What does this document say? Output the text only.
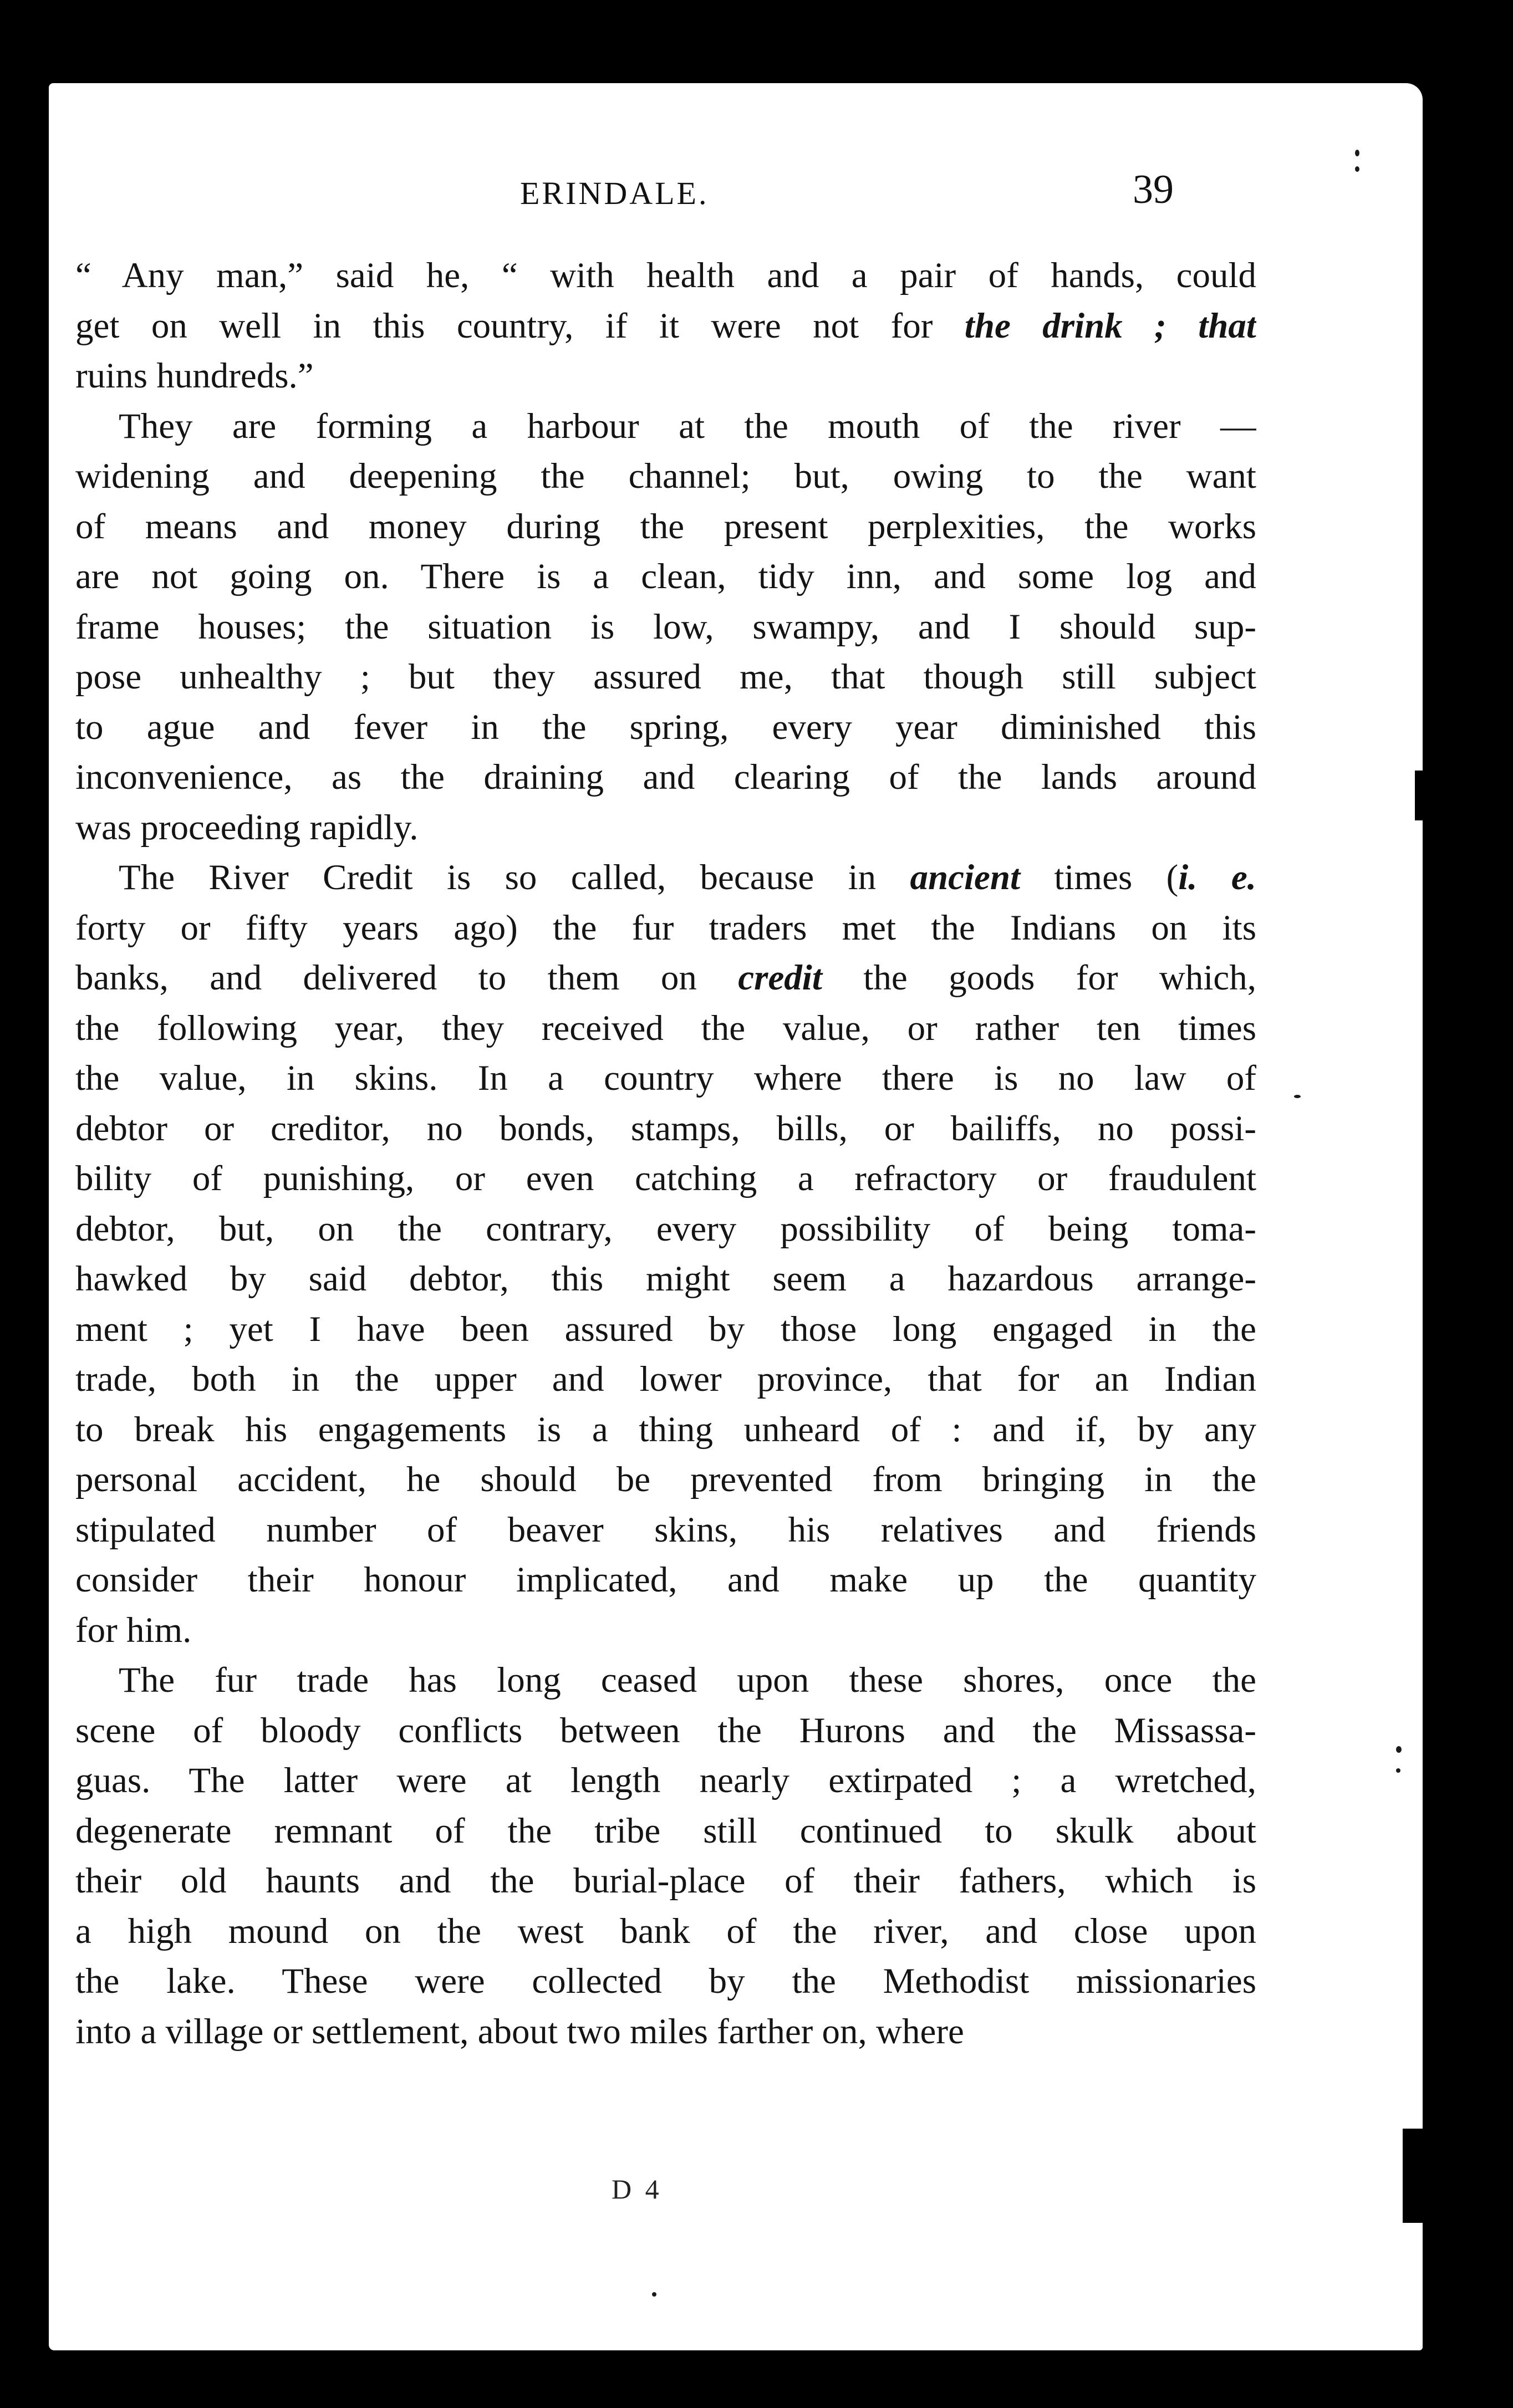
ERINDALE.	39
“ Any man,” said he, “ with health and a pair of hands, could
get on well in this country, if it were not for the drink ; that
ruins hundreds.”
They are forming a harbour at the mouth of the river —
widening and deepening the channel; but, owing to the want
of means and money during the present perplexities, the works
are not going on. There is a clean, tidy inn, and some log and
frame houses; the situation is low, swampy, and I should sup-
pose unhealthy ; but they assured me, that though still subject
to ague and fever in the spring, every year diminished this
inconvenience, as the draining and clearing of the lands around
was proceeding rapidly.
The River Credit is so called, because in ancient times (i. e.
forty or fifty years ago) the fur traders met the Indians on its
banks, and delivered to them on credit the goods for which,
the following year, they received the value, or rather ten times
the value, in skins. In a country where there is no law of
debtor or creditor, no bonds, stamps, bills, or bailiffs, no possi-
bility of punishing, or even catching a refractory or fraudulent
debtor, but, on the contrary, every possibility of being toma-
hawked by said debtor, this might seem a hazardous arrange-
ment ; yet I have been assured by those long engaged in the
trade, both in the upper and lower province, that for an Indian
to break his engagements is a thing unheard of : and if, by any
personal accident, he should be prevented from bringing in the
stipulated number of beaver skins, his relatives and friends
consider their honour implicated, and make up the quantity
for him.
The fur trade has long ceased upon these shores, once the
scene of bloody conflicts between the Hurons and the Missassa-
guas. The latter were at length nearly extirpated ; a wretched,
degenerate remnant of the tribe still continued to skulk about
their old haunts and the burial-place of their fathers, which is
a high mound on the west bank of the river, and close upon
the lake. These were collected by the Methodist missionaries
into a village or settlement, about two miles farther on, where
D 4
